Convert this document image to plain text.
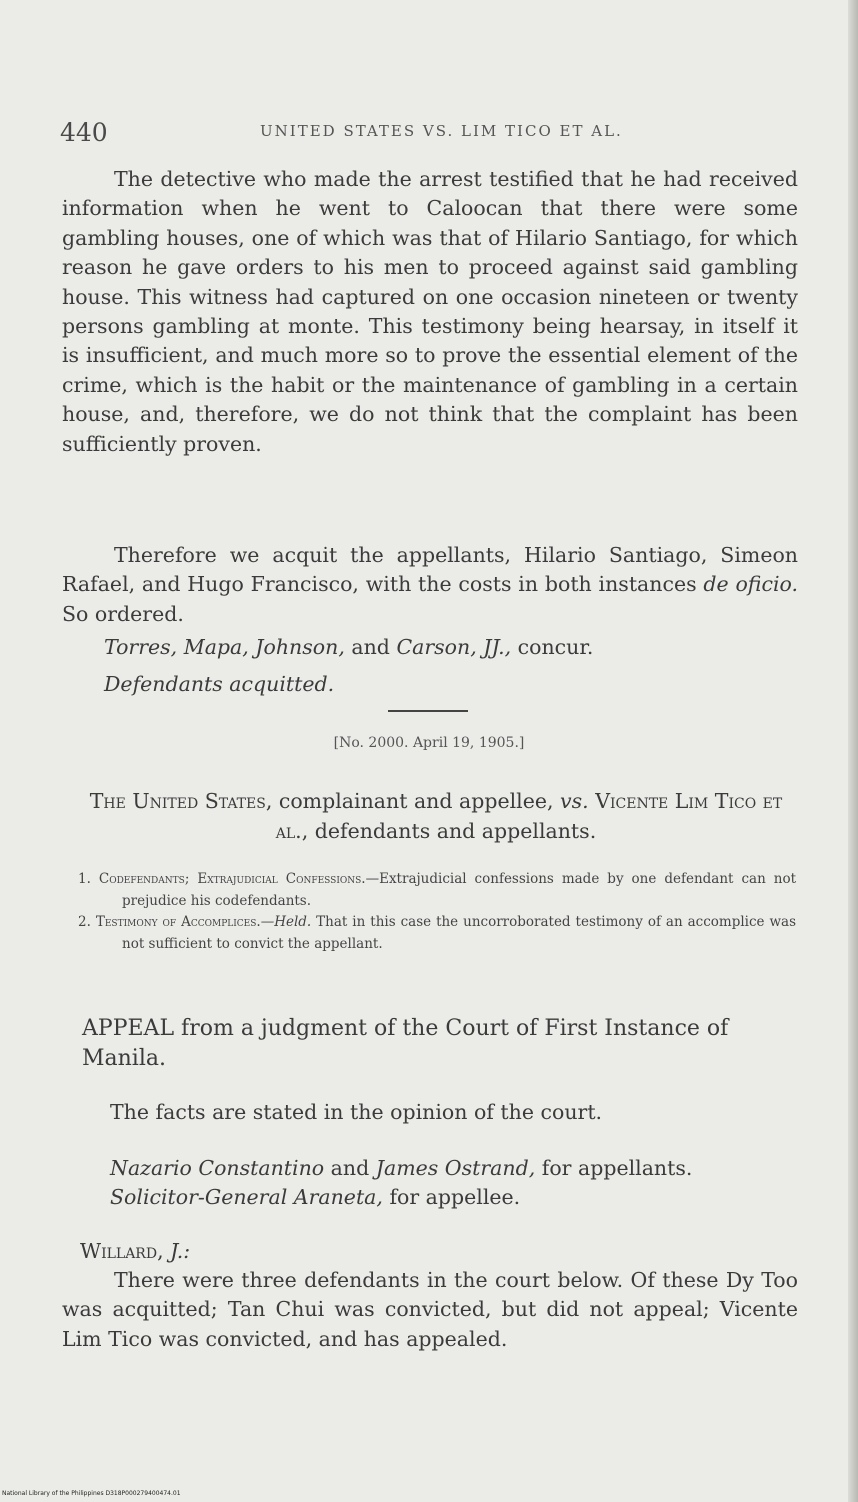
440	UNITED STATES VS. LIM TICO ET AL.

The detective who made the arrest testified that he had received information when he went to Caloocan that there were some gambling houses, one of which was that of Hilario Santiago, for which reason he gave orders to his men to proceed against said gambling house. This witness had captured on one occasion nineteen or twenty persons gambling at monte. This testimony being hearsay, in itself it is insufficient, and much more so to prove the essential element of the crime, which is the habit or the maintenance of gambling in a certain house, and, therefore, we do not think that the complaint has been sufficiently proven.

Therefore we acquit the appellants, Hilario Santiago, Simeon Rafael, and Hugo Francisco, with the costs in both instances de oficio. So ordered.

Torres, Mapa, Johnson, and Carson, JJ., concur.
Defendants acquitted.
[No. 2000. April 19, 1905.]
The United States, complainant and appellee, vs. Vicente Lim Tico et al., defendants and appellants.

1. Codefendants; Extrajudicial Confessions.—Extrajudicial confessions made by one defendant can not prejudice his codefendants.

2. Testimony of Accomplices.—Held. That in this case the uncorroborated testimony of an accomplice was not sufficient to convict the appellant.

APPEAL from a judgment of the Court of First Instance of Manila.
The facts are stated in the opinion of the court.
Nazario Constantino and James Ostrand, for appellants.
Solicitor-General Araneta, for appellee.
Willard, J.:

There were three defendants in the court below. Of these Dy Too was acquitted; Tan Chui was convicted, but did not appeal; Vicente Lim Tico was convicted, and has appealed.

National Library of the Philippines D318P000279400474.01
